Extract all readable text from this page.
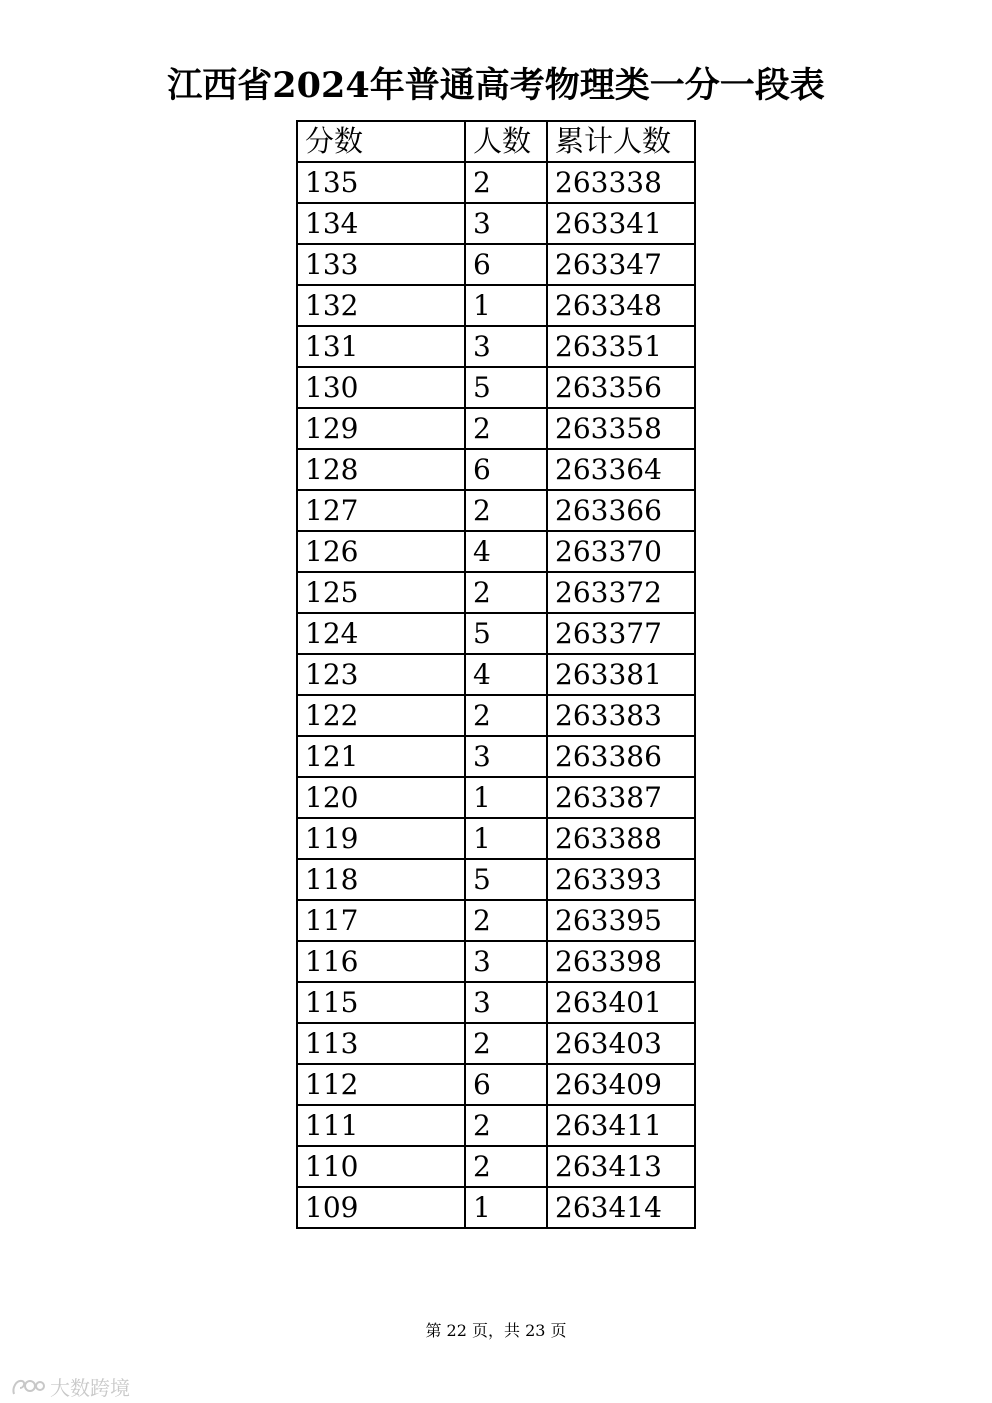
江西省2024年普通高考物理类一分一段表
分数	人数	累计人数
135	2	263338
134	3	263341
133	6	263347
132	1	263348
131	3	263351
130	5	263356
129	2	263358
128	6	263364
127	2	263366
126	4	263370
125	2	263372
124	5	263377
123	4	263381
122	2	263383
121	3	263386
120	1	263387
119	1	263388
118	5	263393
117	2	263395
116	3	263398
115	3	263401
113	2	263403
112	6	263409
111	2	263411
110	2	263413
109	1	263414
第 22 页，共 23 页
大数跨境
